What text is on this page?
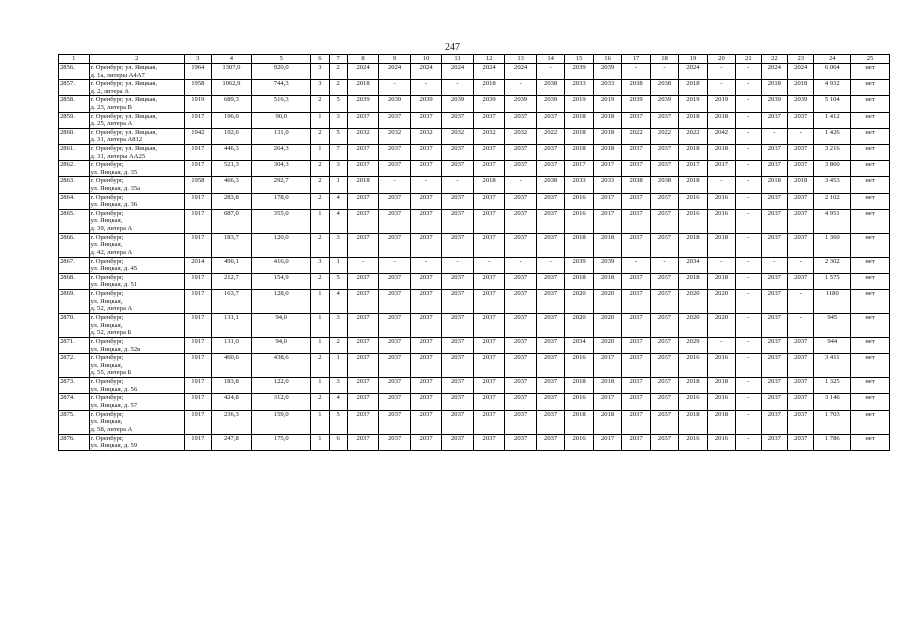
247
1	2	3	4	5	6	7	8	9	10	11	12	13	14	15	16	17	18	19	20	21	22	23	24	25
2856.	г. Оренбург, ул. Яицкая,
д. 1а, литеры А4А7	1964	1307,0	920,0	3	2	2024	2024	2024	2024	2024	2024	-	2039	2039	-	-	2024	-	-	2024	2024	6 064	нет
2857.	г. Оренбург, ул. Яицкая,
д. 2, литера А	1958	1062,9	744,3	3	2	2018	-	-	-	2018	-	2038	2033	2033	2038	2038	2018	-	-	2018	2018	4 932	нет
2858.	г. Оренбург, ул. Яицкая,
д. 23, литера В	1919	689,3	516,3	2	5	2039	2039	2039	2039	2039	2039	2039	2019	2019	2039	2039	2019	2019	-	2039	2039	5 104	нет
2859.	г. Оренбург, ул. Яицкая,
д. 25, литера А	1917	196,0	90,0	1	3	2037	2037	2037	2037	2037	2037	2037	2018	2018	2037	2037	2018	2018	-	2037	2037	1 412	нет
2860.	г. Оренбург, ул. Яицкая,
д. 31, литера А812	1942	192,6	131,0	2	5	2032	2032	2032	2032	2032	2032	2022	2018	2018	2022	2022	2022	2042	-	-	-	1 426	нет
2861.	г. Оренбург, ул. Яицкая,
д. 31, литеры АА25	1917	446,3	264,3	1	7	2037	2037	2037	2037	2037	2037	2037	2018	2018	2037	2037	2018	2018	-	2037	2037	3 216	нет
2862.	г. Оренбург,
ул. Яицкая, д. 35	1917	521,3	304,3	2	3	2037	2037	2037	2037	2037	2037	2037	2017	2017	2037	2037	2017	2017	-	2037	2037	3 860	нет
2863.	г. Оренбург,
ул. Яицкая, д. 35а	1958	466,3	292,7	2	1	2018	-	-	-	2018	-	2038	2033	2033	2038	2038	2018	-	-	2018	2018	3 453	нет
2864.	г. Оренбург,
ул. Яицкая, д. 36	1917	283,8	178,0	2	4	2037	2037	2037	2037	2037	2037	2037	2016	2017	2037	2037	2016	2016	-	2037	2037	2 102	нет
2865.	г. Оренбург,
ул. Яицкая,
д. 39, литера А	1917	687,0	355,0	1	4	2037	2037	2037	2037	2037	2037	2037	2016	2017	2037	2037	2016	2016	-	2037	2037	4 951	нет
2866.	г. Оренбург,
ул. Яицкая,
д. 42, литера А	1917	183,7	120,0	2	3	2037	2037	2037	2037	2037	2037	2037	2018	2018	2037	2037	2018	2018	-	2037	2037	1 360	нет
2867.	г. Оренбург,
ул. Яицкая, д. 45	2014	496,1	416,0	3	1	-	-	-	-	-	-	-	2039	2039	-	-	2034	-	-	-	-	2 302	нет
2868.	г. Оренбург,
ул. Яицкая, д. 51	1917	212,7	154,9	2	5	2037	2037	2037	2037	2037	2037	2037	2018	2018	2037	2037	2018	2018	-	2037	2037	1 575	нет
2869.	г. Оренбург,
ул. Яицкая,
д. 52, литера А	1917	163,7	128,0	1	4	2037	2037	2037	2037	2037	2037	2037	2020	2020	2037	2037	2020	2020	-	2037	-	1180	нет
2870.	г. Оренбург,
ул. Яицкая,
д. 52, литера Б	1917	131,1	94,0	1	3	2037	2037	2037	2037	2037	2037	2037	2020	2020	2037	2037	2020	2020	-	2037	-	945	нет
2871.	г. Оренбург,
ул. Яицкая, д. 52в	1917	131,0	94,0	1	2	2037	2037	2037	2037	2037	2037	2037	2034	2020	2037	2037	2029	-	-	2037	2037	944	нет
2872.	г. Оренбург,
ул. Яицкая,
д. 55, литера Б	1917	460,6	438,6	2	1	2037	2037	2037	2037	2037	2037	2037	2016	2017	2037	2037	2016	2016	-	2037	2037	3 411	нет
2873.	г. Оренбург,
ул. Яицкая, д. 56	1917	183,8	122,0	1	3	2037	2037	2037	2037	2037	2037	2037	2018	2018	2037	2037	2018	2018	-	2037	2037	1 325	нет
2874.	г. Оренбург,
ул. Яицкая, д. 57	1917	424,8	312,0	2	4	2037	2037	2037	2037	2037	2037	2037	2016	2017	2037	2037	2016	2016	-	2037	2037	3 146	нет
2875.	г. Оренбург,
ул. Яицкая,
д. 58, литера А	1917	236,3	159,0	1	5	2037	2037	2037	2037	2037	2037	2037	2018	2018	2037	2037	2018	2018	-	2037	2037	1 703	нет
2876.	г. Оренбург,
ул. Яицкая, д. 59	1917	247,8	175,0	1	6	2037	2037	2037	2037	2037	2037	2037	2016	2017	2037	2037	2016	2016	-	2037	2037	1 786	нет
